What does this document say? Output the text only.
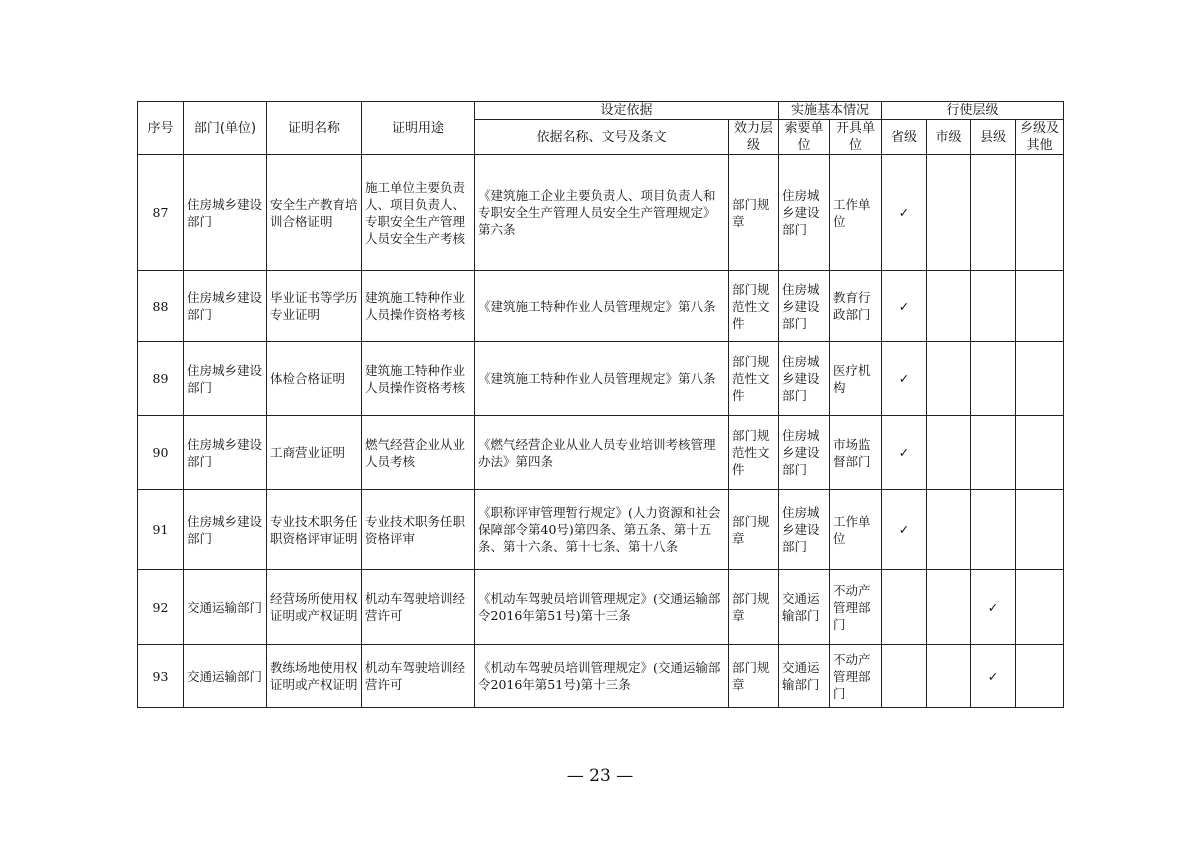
序号	部门(单位)	证明名称	证明用途	设定依据		实施基本情况		行使层级			
				依据名称、文号及条文	效力层级	索要单位	开具单位	省级	市级	县级	乡级及其他
87	住房城乡建设部门	安全生产教育培训合格证明	施工单位主要负责人、项目负责人、专职安全生产管理人员安全生产考核	《建筑施工企业主要负责人、项目负责人和专职安全生产管理人员安全生产管理规定》第六条	部门规章	住房城乡建设部门	工作单位	✓			
88	住房城乡建设部门	毕业证书等学历专业证明	建筑施工特种作业人员操作资格考核	《建筑施工特种作业人员管理规定》第八条	部门规范性文件	住房城乡建设部门	教育行政部门	✓			
89	住房城乡建设部门	体检合格证明	建筑施工特种作业人员操作资格考核	《建筑施工特种作业人员管理规定》第八条	部门规范性文件	住房城乡建设部门	医疗机构	✓			
90	住房城乡建设部门	工商营业证明	燃气经营企业从业人员考核	《燃气经营企业从业人员专业培训考核管理办法》第四条	部门规范性文件	住房城乡建设部门	市场监督部门	✓			
91	住房城乡建设部门	专业技术职务任职资格评审证明	专业技术职务任职资格评审	《职称评审管理暂行规定》(人力资源和社会保障部令第40号)第四条、第五条、第十五条、第十六条、第十七条、第十八条	部门规章	住房城乡建设部门	工作单位	✓			
92	交通运输部门	经营场所使用权证明或产权证明	机动车驾驶培训经营许可	《机动车驾驶员培训管理规定》(交通运输部令2016年第51号)第十三条	部门规章	交通运输部门	不动产管理部门			✓	
93	交通运输部门	教练场地使用权证明或产权证明	机动车驾驶培训经营许可	《机动车驾驶员培训管理规定》(交通运输部令2016年第51号)第十三条	部门规章	交通运输部门	不动产管理部门			✓	
— 23 —
